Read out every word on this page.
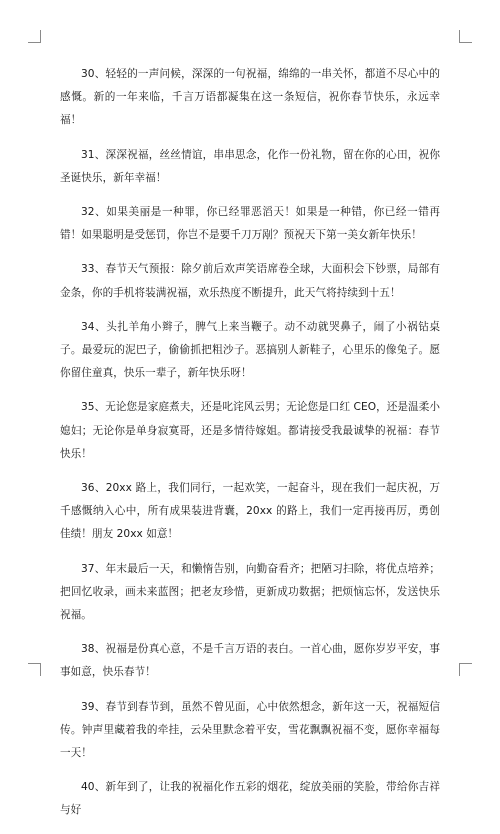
30、轻轻的一声问候，深深的一句祝福，绵绵的一串关怀，都道不尽心中的感慨。新的一年来临，千言万语都凝集在这一条短信，祝你春节快乐，永远幸福！

31、深深祝福，丝丝情谊，串串思念，化作一份礼物，留在你的心田，祝你圣诞快乐，新年幸福！

32、如果美丽是一种罪，你已经罪恶滔天！如果是一种错，你已经一错再错！如果聪明是受惩罚，你岂不是要千刀万剐？预祝天下第一美女新年快乐！

33、春节天气预报：除夕前后欢声笑语席卷全球，大面积会下钞票，局部有金条，你的手机将装满祝福，欢乐热度不断提升，此天气将持续到十五！

34、头扎羊角小辫子，脾气上来当鞭子。动不动就哭鼻子，闹了小祸钻桌子。最爱玩的泥巴子，偷偷抓把粗沙子。恶搞别人新鞋子，心里乐的像兔子。愿你留住童真，快乐一辈子，新年快乐呀！

35、无论您是家庭煮夫，还是叱诧风云男；无论您是口红 CEO，还是温柔小媳妇；无论你是单身寂寞哥，还是多情待嫁姐。都请接受我最诚挚的祝福：春节快乐！

36、20xx 路上，我们同行，一起欢笑，一起奋斗，现在我们一起庆祝，万千感慨纳入心中，所有成果装进背囊，20xx 的路上，我们一定再接再厉，勇创佳绩！朋友 20xx 如意！

37、年末最后一天，和懒惰告别，向勤奋看齐；把陋习扫除，将优点培养；把回忆收录，画未来蓝图；把老友珍惜，更新成功数据；把烦恼忘怀，发送快乐祝福。

38、祝福是份真心意，不是千言万语的表白。一首心曲，愿你岁岁平安，事事如意，快乐春节！

39、春节到春节到，虽然不曾见面，心中依然想念，新年这一天，祝福短信传。钟声里藏着我的牵挂，云朵里默念着平安，雪花飘飘祝福不变，愿你幸福每一天！

40、新年到了，让我的祝福化作五彩的烟花，绽放美丽的笑脸，带给你吉祥与好
